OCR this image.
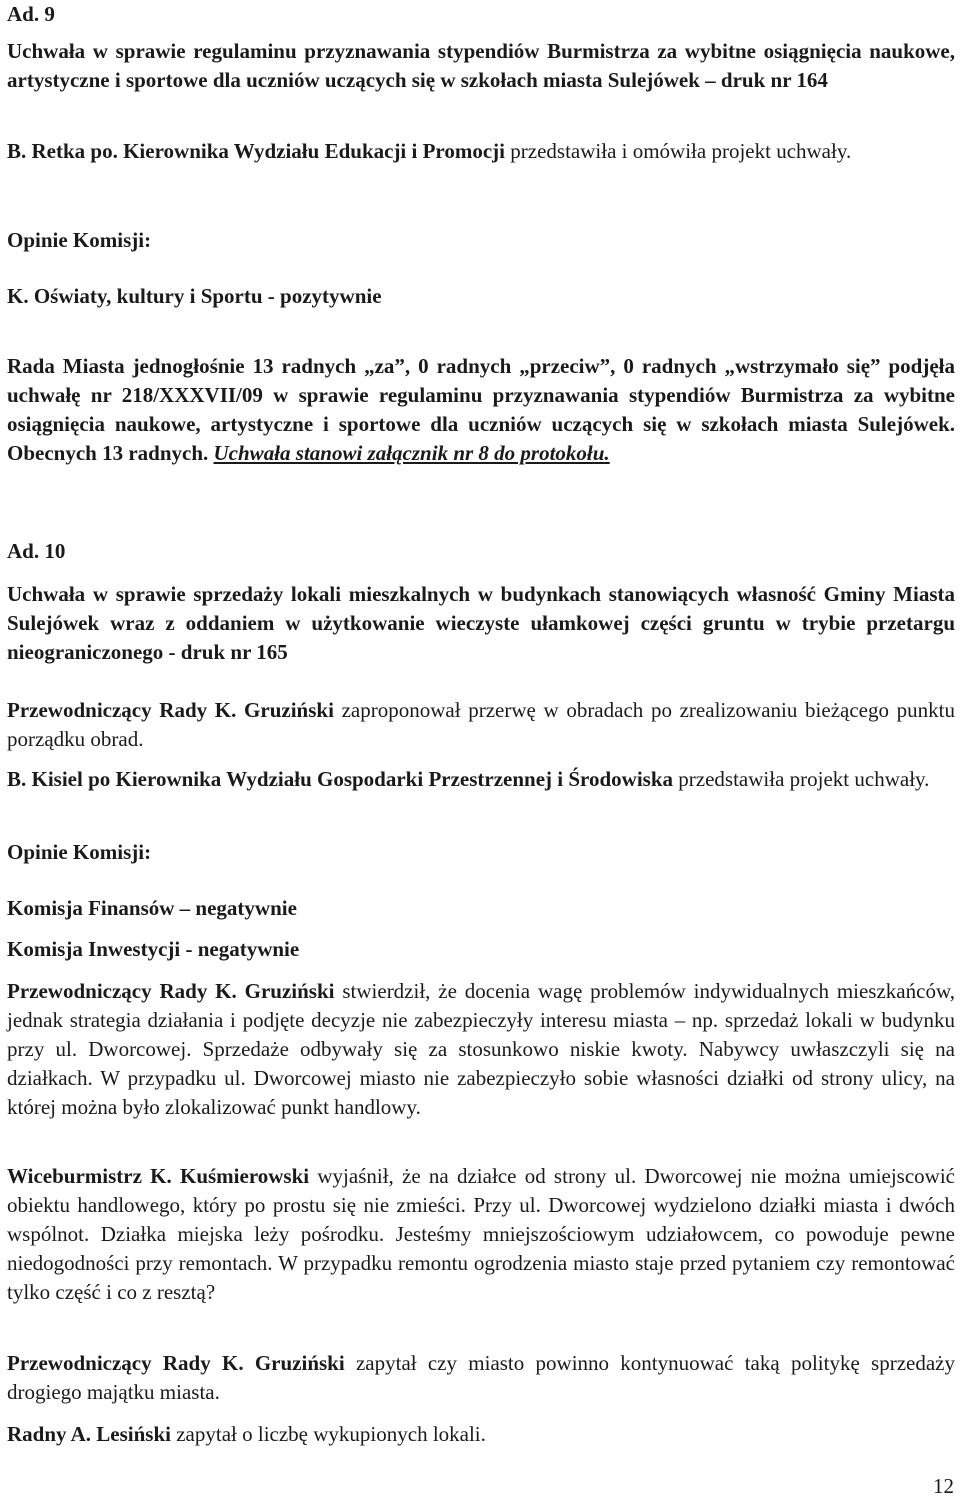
Ad. 9

Uchwała w sprawie regulaminu przyznawania stypendiów Burmistrza za wybitne osiągnięcia naukowe, artystyczne i sportowe dla uczniów uczących się w szkołach miasta Sulejówek – druk nr 164

B. Retka po. Kierownika Wydziału Edukacji i Promocji przedstawiła i omówiła projekt uchwały.

Opinie Komisji:

K. Oświaty, kultury i Sportu - pozytywnie

Rada Miasta jednogłośnie 13 radnych „za”, 0 radnych „przeciw”, 0 radnych „wstrzymało się” podjęła uchwałę nr 218/XXXVII/09 w sprawie regulaminu przyznawania stypendiów Burmistrza za wybitne osiągnięcia naukowe, artystyczne i sportowe dla uczniów uczących się w szkołach miasta Sulejówek. Obecnych 13 radnych. Uchwała stanowi załącznik nr 8 do protokołu.

Ad. 10

Uchwała w sprawie sprzedaży lokali mieszkalnych w budynkach stanowiących własność Gminy Miasta Sulejówek wraz z oddaniem w użytkowanie wieczyste ułamkowej części gruntu w trybie przetargu nieograniczonego - druk nr 165

Przewodniczący Rady K. Gruziński zaproponował przerwę w obradach po zrealizowaniu bieżącego punktu porządku obrad.

B. Kisiel po Kierownika Wydziału Gospodarki Przestrzennej i Środowiska przedstawiła projekt uchwały.

Opinie Komisji:

Komisja Finansów – negatywnie

Komisja Inwestycji - negatywnie

Przewodniczący Rady K. Gruziński stwierdził, że docenia wagę problemów indywidualnych mieszkańców, jednak strategia działania i podjęte decyzje nie zabezpieczyły interesu miasta – np. sprzedaż lokali w budynku przy ul. Dworcowej. Sprzedaże odbywały się za stosunkowo niskie kwoty. Nabywcy uwłaszczyli się na działkach. W przypadku ul. Dworcowej miasto nie zabezpieczyło sobie własności działki od strony ulicy, na której można było zlokalizować punkt handlowy.

Wiceburmistrz K. Kuśmierowski wyjaśnił, że na działce od strony ul. Dworcowej nie można umiejscowić obiektu handlowego, który po prostu się nie zmieści. Przy ul. Dworcowej wydzielono działki miasta i dwóch wspólnot. Działka miejska leży pośrodku. Jesteśmy mniejszościowym udziałowcem, co powoduje pewne niedogodności przy remontach. W przypadku remontu ogrodzenia miasto staje przed pytaniem czy remontować tylko część i co z resztą?

Przewodniczący Rady K. Gruziński zapytał czy miasto powinno kontynuować taką politykę sprzedaży drogiego majątku miasta.

Radny A. Lesiński zapytał o liczbę wykupionych lokali.

12
